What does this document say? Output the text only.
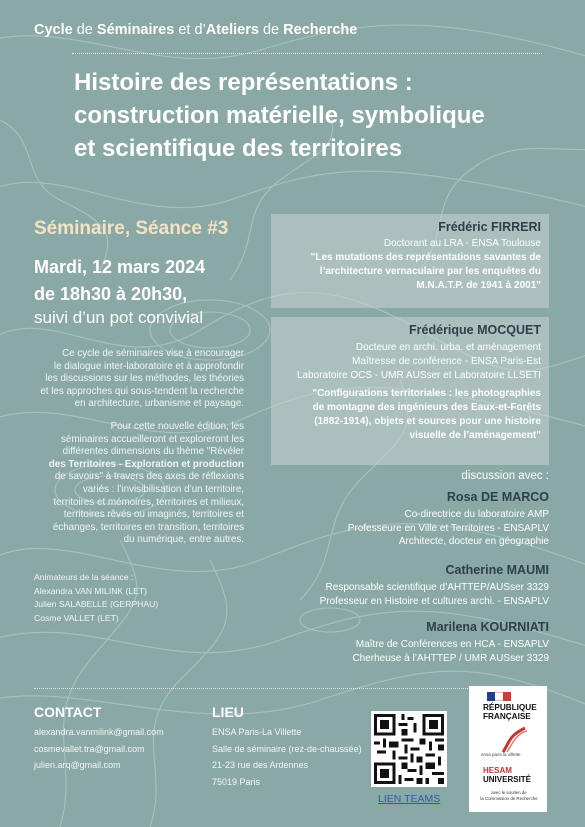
Cycle de Séminaires et d’Ateliers de Recherche
Histoire des représentations :
construction matérielle, symbolique
et scientifique des territoires
Séminaire, Séance #3
Mardi, 12 mars 2024
de 18h30 à 20h30,
suivi d’un pot convivial
Ce cycle de séminaires vise à encourager
le dialogue inter-laboratoire et à approfondir
les discussions sur les méthodes, les théories
et les approches qui sous-tendent la recherche
en architecture, urbanisme et paysage.
Pour cette nouvelle édition, les
séminaires accueilleront et exploreront les
différentes dimensions du thème "Révéler
des Territoires - Exploration et production
de savoirs" à travers des axes de réflexions
variés : l’invisibilisation d’un territoire,
territoires et mémoires, territoires et milieux,
territoires rêvés ou imaginés, territoires et
échanges, territoires en transition, territoires
du numérique, entre autres.
Animateurs de la séance :
Alexandra VAN MILINK (LET)
Julien SALABELLE (GERPHAU)
Cosme VALLET (LET)
Frédéric FIRRERI
Doctorant au LRA - ENSA Toulouse
"Les mutations des représentations savantes de
l’architecture vernaculaire par les enquêtes du
M.N.A.T.P. de 1941 à 2001"
Frédérique MOCQUET
Docteure en archi. urba. et aménagement
Maîtresse de conférence - ENSA Paris-Est
Laboratoire OCS - UMR AUSser et Laboratoire LLSETI
"Configurations territoriales : les photographies
de montagne des ingénieurs des Eaux-et-Forêts
(1882-1914), objets et sources pour une histoire
visuelle de l’aménagement"
discussion avec :
Rosa DE MARCO
Co-directrice du laboratoire AMP
Professeure en Ville et Territoires - ENSAPLV
Architecte, docteur en géographie
Catherine MAUMI
Responsable scientifique d’AHTTEP/AUSser 3329
Professeur en Histoire et cultures archi. - ENSAPLV
Marilena KOURNIATI
Maître de Conférences en HCA - ENSAPLV
Cherheuse à l’AHTTEP / UMR AUSser 3329
CONTACT
alexandra.vanmilink@gmail.com
cosmevallet.tra@gmail.com
julien.arq@gmail.com
LIEU
ENSA Paris-La Villette
Salle de séminaire (rez-de-chaussée)
21-23 rue des Ardennes
75019 Paris
LIEN TEAMS
RÉPUBLIQUE
FRANÇAISE
ensa paris la villette
HESAM
UNIVERSITÉ
avec le soutien de
la Commission de Recherche
